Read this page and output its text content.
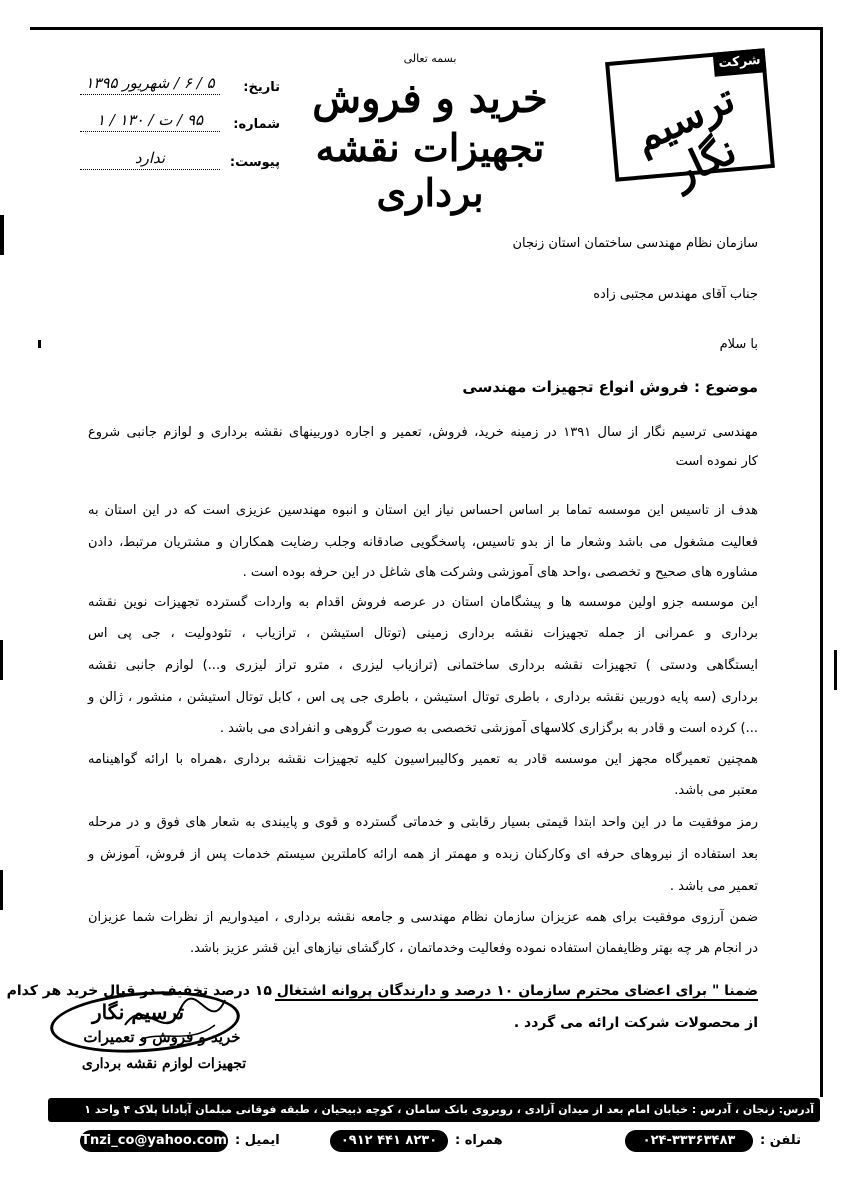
شرکت
ترسیم نگار
بسمه تعالی
خرید و فروش
تجهیزات نقشه برداری
تاریخ:
۵ / ۶ / شهریور ۱۳۹۵
شماره:
۹۵ / ت / ۱۳۰ / ۱
پیوست:
ندارد
سازمان نظام مهندسی ساختمان استان زنجان
جناب آقای مهندس مجتبی زاده
با سلام
موضوع : فروش انواع تجهیزات مهندسی
مهندسی ترسیم نگار از سال ۱۳۹۱ در زمینه خرید، فروش، تعمیر و اجاره دوربینهای نقشه برداری و لوازم جانبی شروع
کار نموده است
هدف از تاسیس این موسسه تماما بر اساس احساس نیاز این استان و انبوه مهندسین عزیزی است که در این استان به
فعالیت مشغول می باشد وشعار ما از بدو تاسیس، پاسخگویی صادقانه وجلب رضایت همکاران و مشتریان مرتبط، دادن
مشاوره های صحیح و تخصصی ،واحد های آموزشی وشرکت های شاغل در این حرفه بوده است .
این موسسه جزو اولین موسسه ها و پیشگامان استان در عرصه فروش اقدام به واردات گسترده تجهیزات نوین نقشه
برداری و عمرانی از جمله تجهیزات نقشه برداری زمینی (توتال استیشن ، ترازیاب ، تئودولیت ، جی پی اس
ایستگاهی ودستی ) تجهیزات نقشه برداری ساختمانی (ترازیاب لیزری ، مترو تراز لیزری و...) لوازم جانبی نقشه
برداری (سه پایه دوربین نقشه برداری ، باطری توتال استیشن ، باطری جی پی اس ، کابل توتال استیشن ، منشور ، ژالن و
...) کرده است و قادر به برگزاری کلاسهای آموزشی تخصصی به صورت گروهی و انفرادی می باشد .
همچنین تعمیرگاه مجهز این موسسه قادر به تعمیر وکالیبراسیون کلیه تجهیزات نقشه برداری ،همراه با ارائه گواهینامه
معتبر می باشد.
رمز موفقیت ما در این واحد ابتدا قیمتی بسیار رقابتی و خدماتی گسترده و قوی و پایبندی به شعار های فوق و در مرحله
بعد استفاده از نیروهای حرفه ای وکارکنان زبده و مهمتر از همه ارائه کاملترین سیستم خدمات پس از فروش، آموزش و
تعمیر می باشد .
ضمن آرزوی موفقیت برای همه عزیزان سازمان نظام مهندسی و جامعه نقشه برداری ، امیدواریم از نظرات شما عزیزان
در انجام هر چه بهتر وظایفمان استفاده نموده وفعالیت وخدماتمان ، کارگشای نیازهای این قشر عزیز باشد.
ضمنا " برای اعضای محترم سازمان ۱۰ درصد و دارندگان پروانه اشتغال ۱۵ درصد تخفیف در قبال خرید هر کدام
از محصولات شرکت ارائه می گردد .
ترسیم نگار
خرید و فروش و تعمیرات
تجهیزات لوازم نقشه برداری
آدرس: زنجان ، آدرس : خیابان امام بعد از میدان آزادی ، روبروی بانک سامان ، کوچه ذبیحیان ، طبقه فوقانی مبلمان آپادانا پلاک ۴ واحد ۱
تلفن :
۰۲۴-۳۳۳۶۳۴۸۳
همراه :
۰۹۱۲ ۴۴۱ ۸۲۳۰
ایمیل :
Tnzi_co@yahoo.com
